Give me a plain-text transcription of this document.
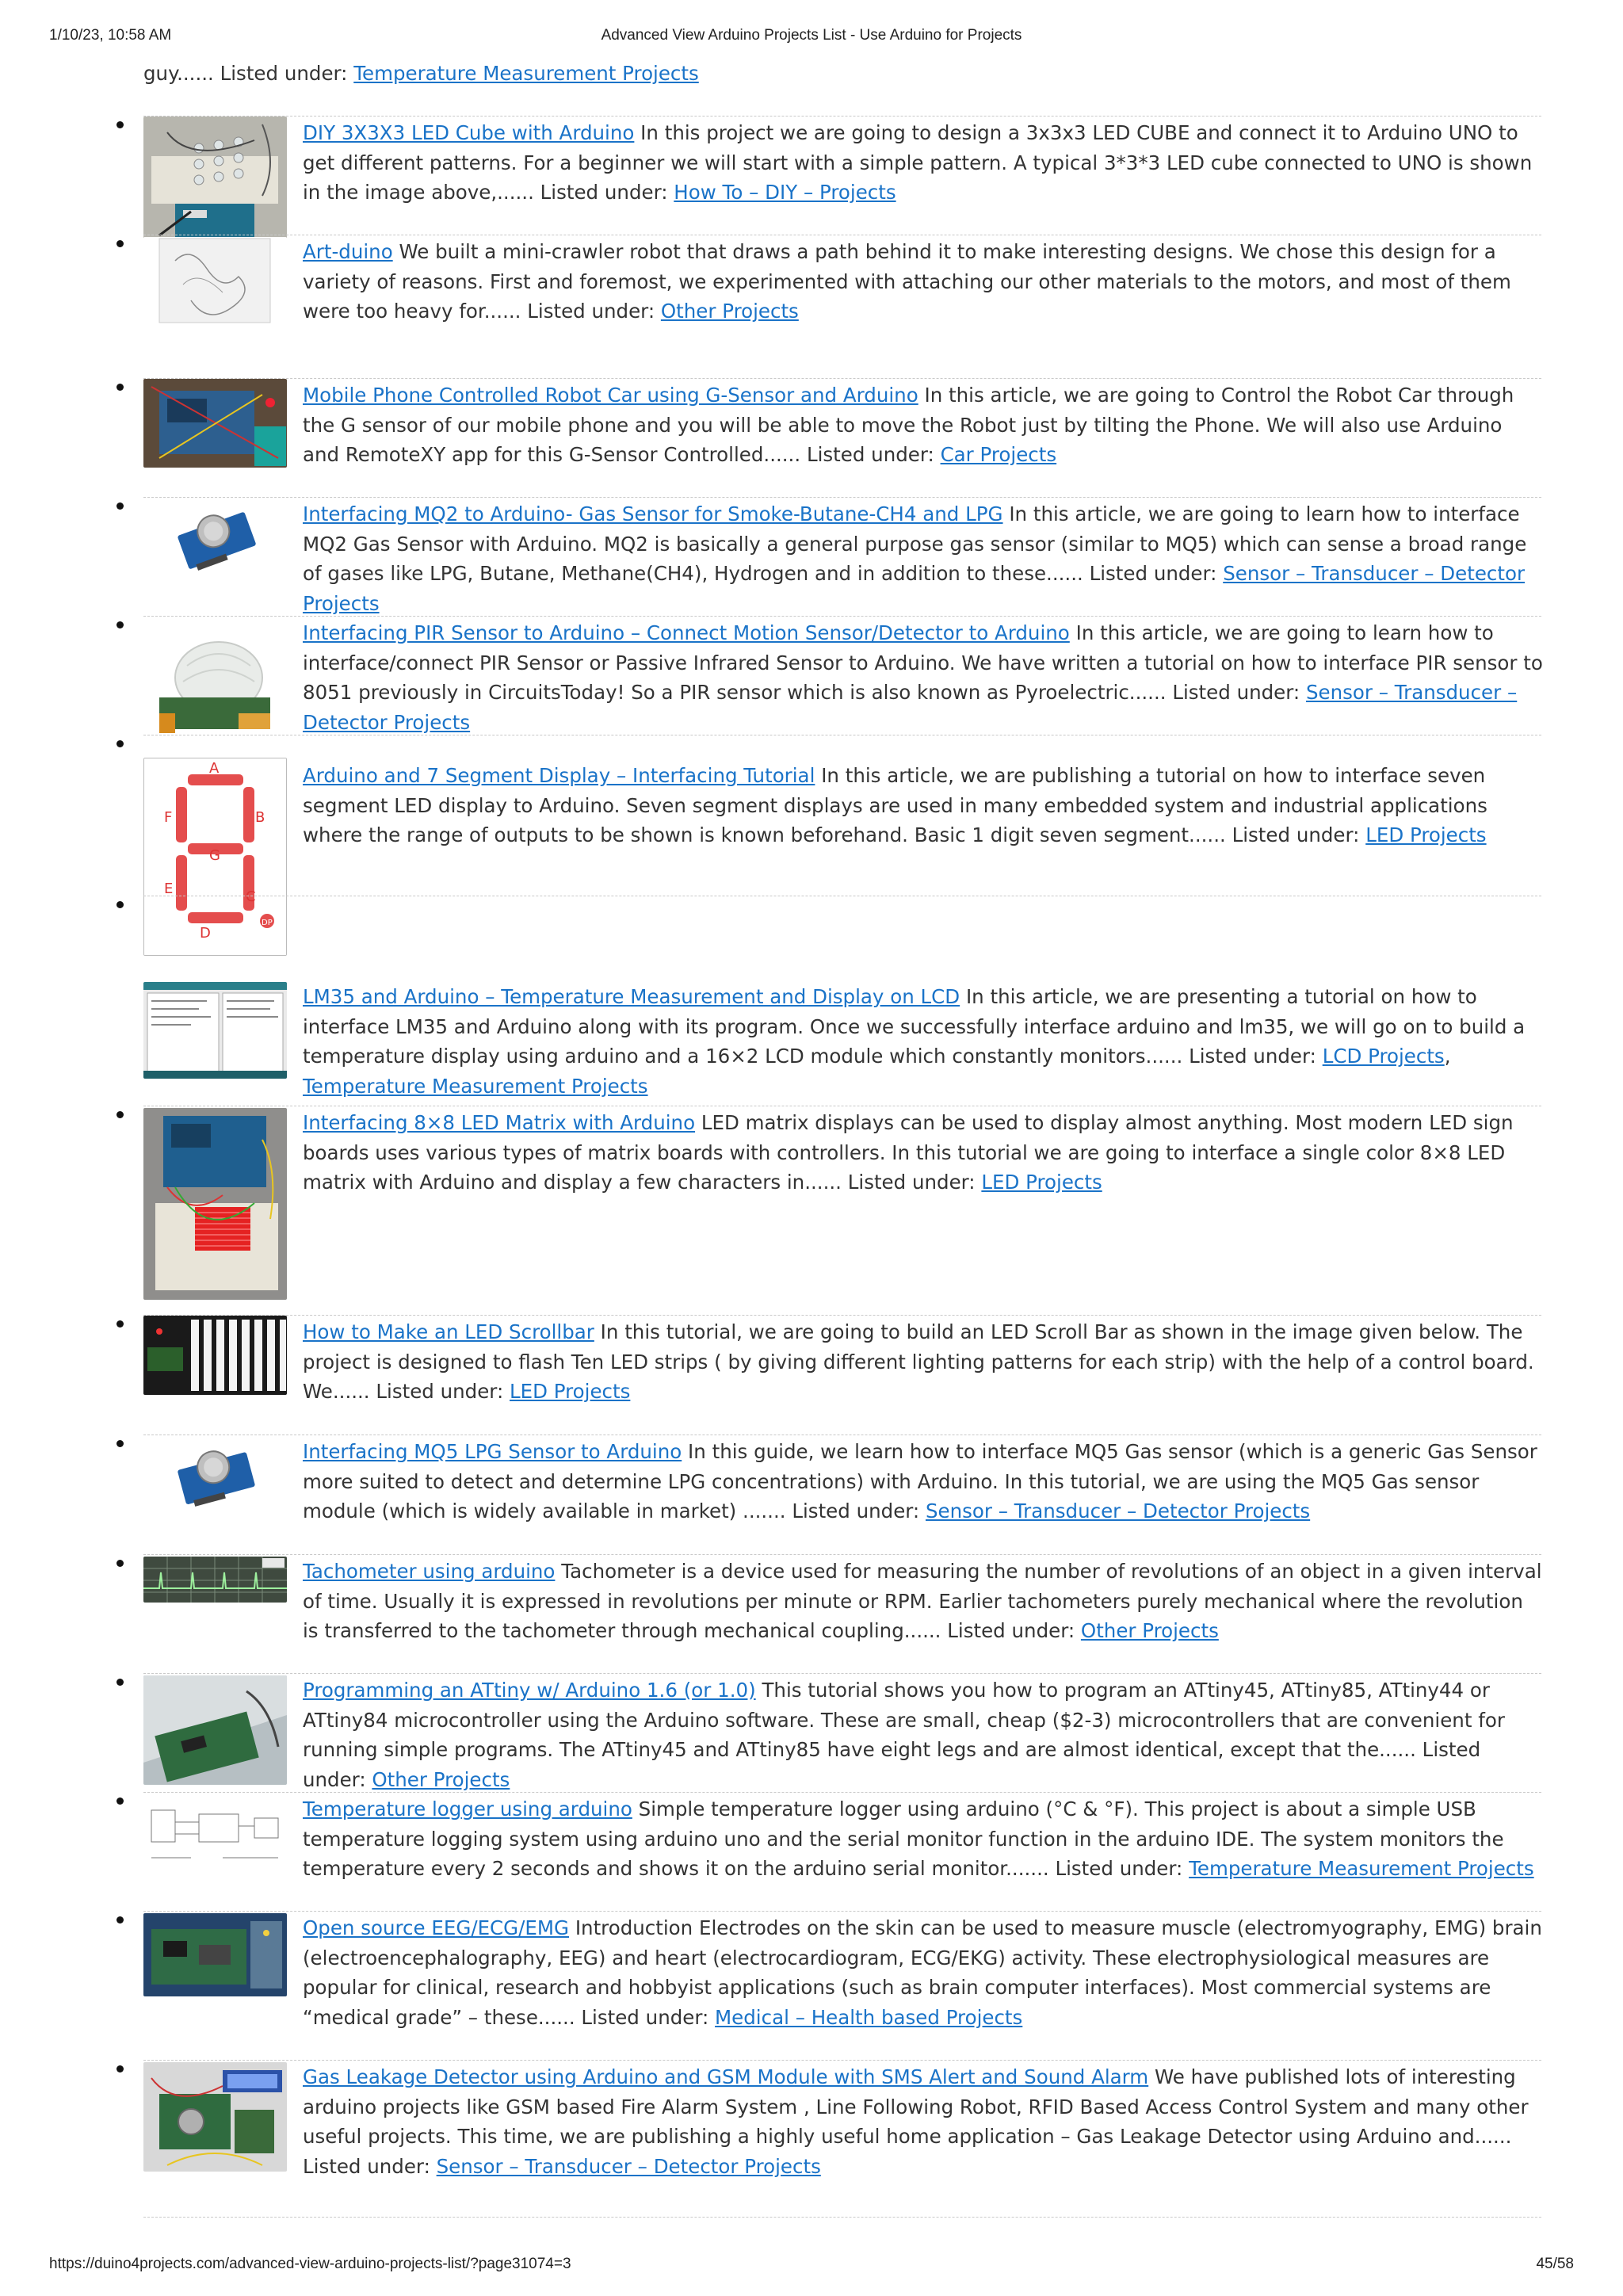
1/10/23, 10:58 AM	Advanced View Arduino Projects List - Use Arduino for Projects
guy...... Listed under: Temperature Measurement Projects
DIY 3X3X3 LED Cube with Arduino In this project we are going to design a 3x3x3 LED CUBE and connect it to Arduino UNO to get different patterns. For a beginner we will start with a simple pattern. A typical 3*3*3 LED cube connected to UNO is shown in the image above,...... Listed under: How To – DIY – Projects
Art-duino We built a mini-crawler robot that draws a path behind it to make interesting designs. We chose this design for a variety of reasons. First and foremost, we experimented with attaching our other materials to the motors, and most of them were too heavy for...... Listed under: Other Projects
Mobile Phone Controlled Robot Car using G-Sensor and Arduino In this article, we are going to Control the Robot Car through the G sensor of our mobile phone and you will be able to move the Robot just by tilting the Phone. We will also use Arduino and RemoteXY app for this G-Sensor Controlled...... Listed under: Car Projects
Interfacing MQ2 to Arduino- Gas Sensor for Smoke-Butane-CH4 and LPG In this article, we are going to learn how to interface MQ2 Gas Sensor with Arduino. MQ2 is basically a general purpose gas sensor (similar to MQ5) which can sense a broad range of gases like LPG, Butane, Methane(CH4), Hydrogen and in addition to these...... Listed under: Sensor – Transducer – Detector Projects
Interfacing PIR Sensor to Arduino – Connect Motion Sensor/Detector to Arduino In this article, we are going to learn how to interface/connect PIR Sensor or Passive Infrared Sensor to Arduino. We have written a tutorial on how to interface PIR sensor to 8051 previously in CircuitsToday! So a PIR sensor which is also known as Pyroelectric...... Listed under: Sensor – Transducer – Detector Projects
A
B
C
D
E
F
G
DP
Arduino and 7 Segment Display – Interfacing Tutorial In this article, we are publishing a tutorial on how to interface seven segment LED display to Arduino. Seven segment displays are used in many embedded system and industrial applications where the range of outputs to be shown is known beforehand. Basic 1 digit seven segment...... Listed under: LED Projects
LM35 and Arduino – Temperature Measurement and Display on LCD In this article, we are presenting a tutorial on how to interface LM35 and Arduino along with its program. Once we successfully interface arduino and lm35, we will go on to build a temperature display using arduino and a 16×2 LCD module which constantly monitors...... Listed under: LCD Projects, Temperature Measurement Projects
Interfacing 8×8 LED Matrix with Arduino LED matrix displays can be used to display almost anything. Most modern LED sign boards uses various types of matrix boards with controllers. In this tutorial we are going to interface a single color 8×8 LED matrix with Arduino and display a few characters in...... Listed under: LED Projects
How to Make an LED Scrollbar In this tutorial, we are going to build an LED Scroll Bar as shown in the image given below. The project is designed to flash Ten LED strips ( by giving different lighting patterns for each strip) with the help of a control board. We...... Listed under: LED Projects
Interfacing MQ5 LPG Sensor to Arduino In this guide, we learn how to interface MQ5 Gas sensor (which is a generic Gas Sensor more suited to detect and determine LPG concentrations) with Arduino. In this tutorial, we are using the MQ5 Gas sensor module (which is widely available in market) ....... Listed under: Sensor – Transducer – Detector Projects
Tachometer using arduino Tachometer is a device used for measuring the number of revolutions of an object in a given interval of time. Usually it is expressed in revolutions per minute or RPM. Earlier tachometers purely mechanical where the revolution is transferred to the tachometer through mechanical coupling...... Listed under: Other Projects
Programming an ATtiny w/ Arduino 1.6 (or 1.0) This tutorial shows you how to program an ATtiny45, ATtiny85, ATtiny44 or ATtiny84 microcontroller using the Arduino software. These are small, cheap ($2-3) microcontrollers that are convenient for running simple programs. The ATtiny45 and ATtiny85 have eight legs and are almost identical, except that the...... Listed under: Other Projects
Temperature logger using arduino Simple temperature logger using arduino (°C & °F). This project is about a simple USB temperature logging system using arduino uno and the serial monitor function in the arduino IDE. The system monitors the temperature every 2 seconds and shows it on the arduino serial monitor....... Listed under: Temperature Measurement Projects
Open source EEG/ECG/EMG Introduction Electrodes on the skin can be used to measure muscle (electromyography, EMG) brain (electroencephalography, EEG) and heart (electrocardiogram, ECG/EKG) activity. These electrophysiological measures are popular for clinical, research and hobbyist applications (such as brain computer interfaces). Most commercial systems are “medical grade” – these...... Listed under: Medical – Health based Projects
Gas Leakage Detector using Arduino and GSM Module with SMS Alert and Sound Alarm We have published lots of interesting arduino projects like GSM based Fire Alarm System , Line Following Robot, RFID Based Access Control System and many other useful projects. This time, we are publishing a highly useful home application – Gas Leakage Detector using Arduino and...... Listed under: Sensor – Transducer – Detector Projects
https://duino4projects.com/advanced-view-arduino-projects-list/?page31074=3	45/58
